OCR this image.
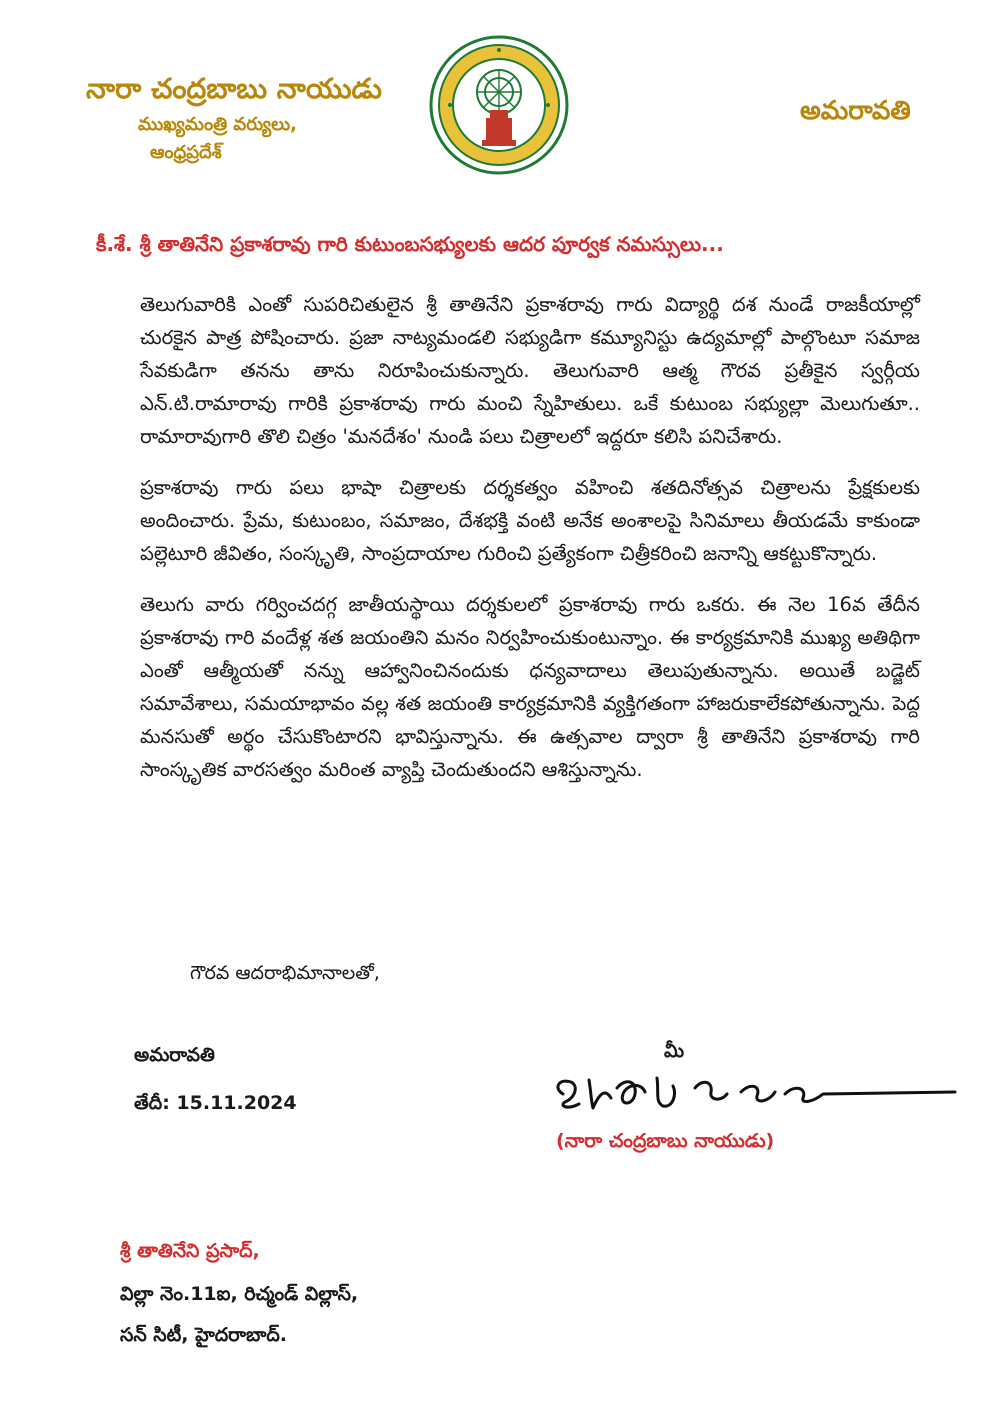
నారా చంద్రబాబు నాయుడు
ముఖ్యమంత్రి వర్యులు,
ఆంధ్రప్రదేశ్
అమరావతి
కీ.శే. శ్రీ తాతినేని ప్రకాశరావు గారి కుటుంబసభ్యులకు ఆదర పూర్వక నమస్సులు...

తెలుగువారికి ఎంతో సుపరిచితులైన శ్రీ తాతినేని ప్రకాశరావు గారు విద్యార్థి దశ నుండే రాజకీయాల్లో చురకైన పాత్ర పోషించారు. ప్రజా నాట్యమండలి సభ్యుడిగా కమ్యూనిస్టు ఉద్యమాల్లో పాల్గొంటూ సమాజ సేవకుడిగా తనను తాను నిరూపించుకున్నారు. తెలుగువారి ఆత్మ గౌరవ ప్రతీకైన స్వర్గీయ ఎన్.టి.రామారావు గారికి ప్రకాశరావు గారు మంచి స్నేహితులు. ఒకే కుటుంబ సభ్యుల్లా మెలుగుతూ.. రామారావుగారి తొలి చిత్రం 'మనదేశం' నుండి పలు చిత్రాలలో ఇద్దరూ కలిసి పనిచేశారు.

ప్రకాశరావు గారు పలు భాషా చిత్రాలకు దర్శకత్వం వహించి శతదినోత్సవ చిత్రాలను ప్రేక్షకులకు అందించారు. ప్రేమ, కుటుంబం, సమాజం, దేశభక్తి వంటి అనేక అంశాలపై సినిమాలు తీయడమే కాకుండా పల్లెటూరి జీవితం, సంస్కృతి, సాంప్రదాయాల గురించి ప్రత్యేకంగా చిత్రీకరించి జనాన్ని ఆకట్టుకొన్నారు.

తెలుగు వారు గర్వించదగ్గ జాతీయస్థాయి దర్శకులలో ప్రకాశరావు గారు ఒకరు. ఈ నెల 16వ తేదీన ప్రకాశరావు గారి వందేళ్ల శత జయంతిని మనం నిర్వహించుకుంటున్నాం. ఈ కార్యక్రమానికి ముఖ్య అతిథిగా ఎంతో ఆత్మీయతో నన్ను ఆహ్వానించినందుకు ధన్యవాదాలు తెలుపుతున్నాను. అయితే బడ్జెట్ సమావేశాలు, సమయాభావం వల్ల శత జయంతి కార్యక్రమానికి వ్యక్తిగతంగా హాజరుకాలేకపోతున్నాను. పెద్ద మనసుతో అర్థం చేసుకొంటారని భావిస్తున్నాను. ఈ ఉత్సవాల ద్వారా శ్రీ తాతినేని ప్రకాశరావు గారి సాంస్కృతిక వారసత్వం మరింత వ్యాప్తి చెందుతుందని ఆశిస్తున్నాను.

గౌరవ ఆదరాభిమానాలతో,
అమరావతి
తేదీ: 15.11.2024
మీ
(నారా చంద్రబాబు నాయుడు)
శ్రీ తాతినేని ప్రసాద్,
విల్లా నెం.11ఐ, రిచ్మండ్ విల్లాస్,
సన్ సిటీ, హైదరాబాద్.
